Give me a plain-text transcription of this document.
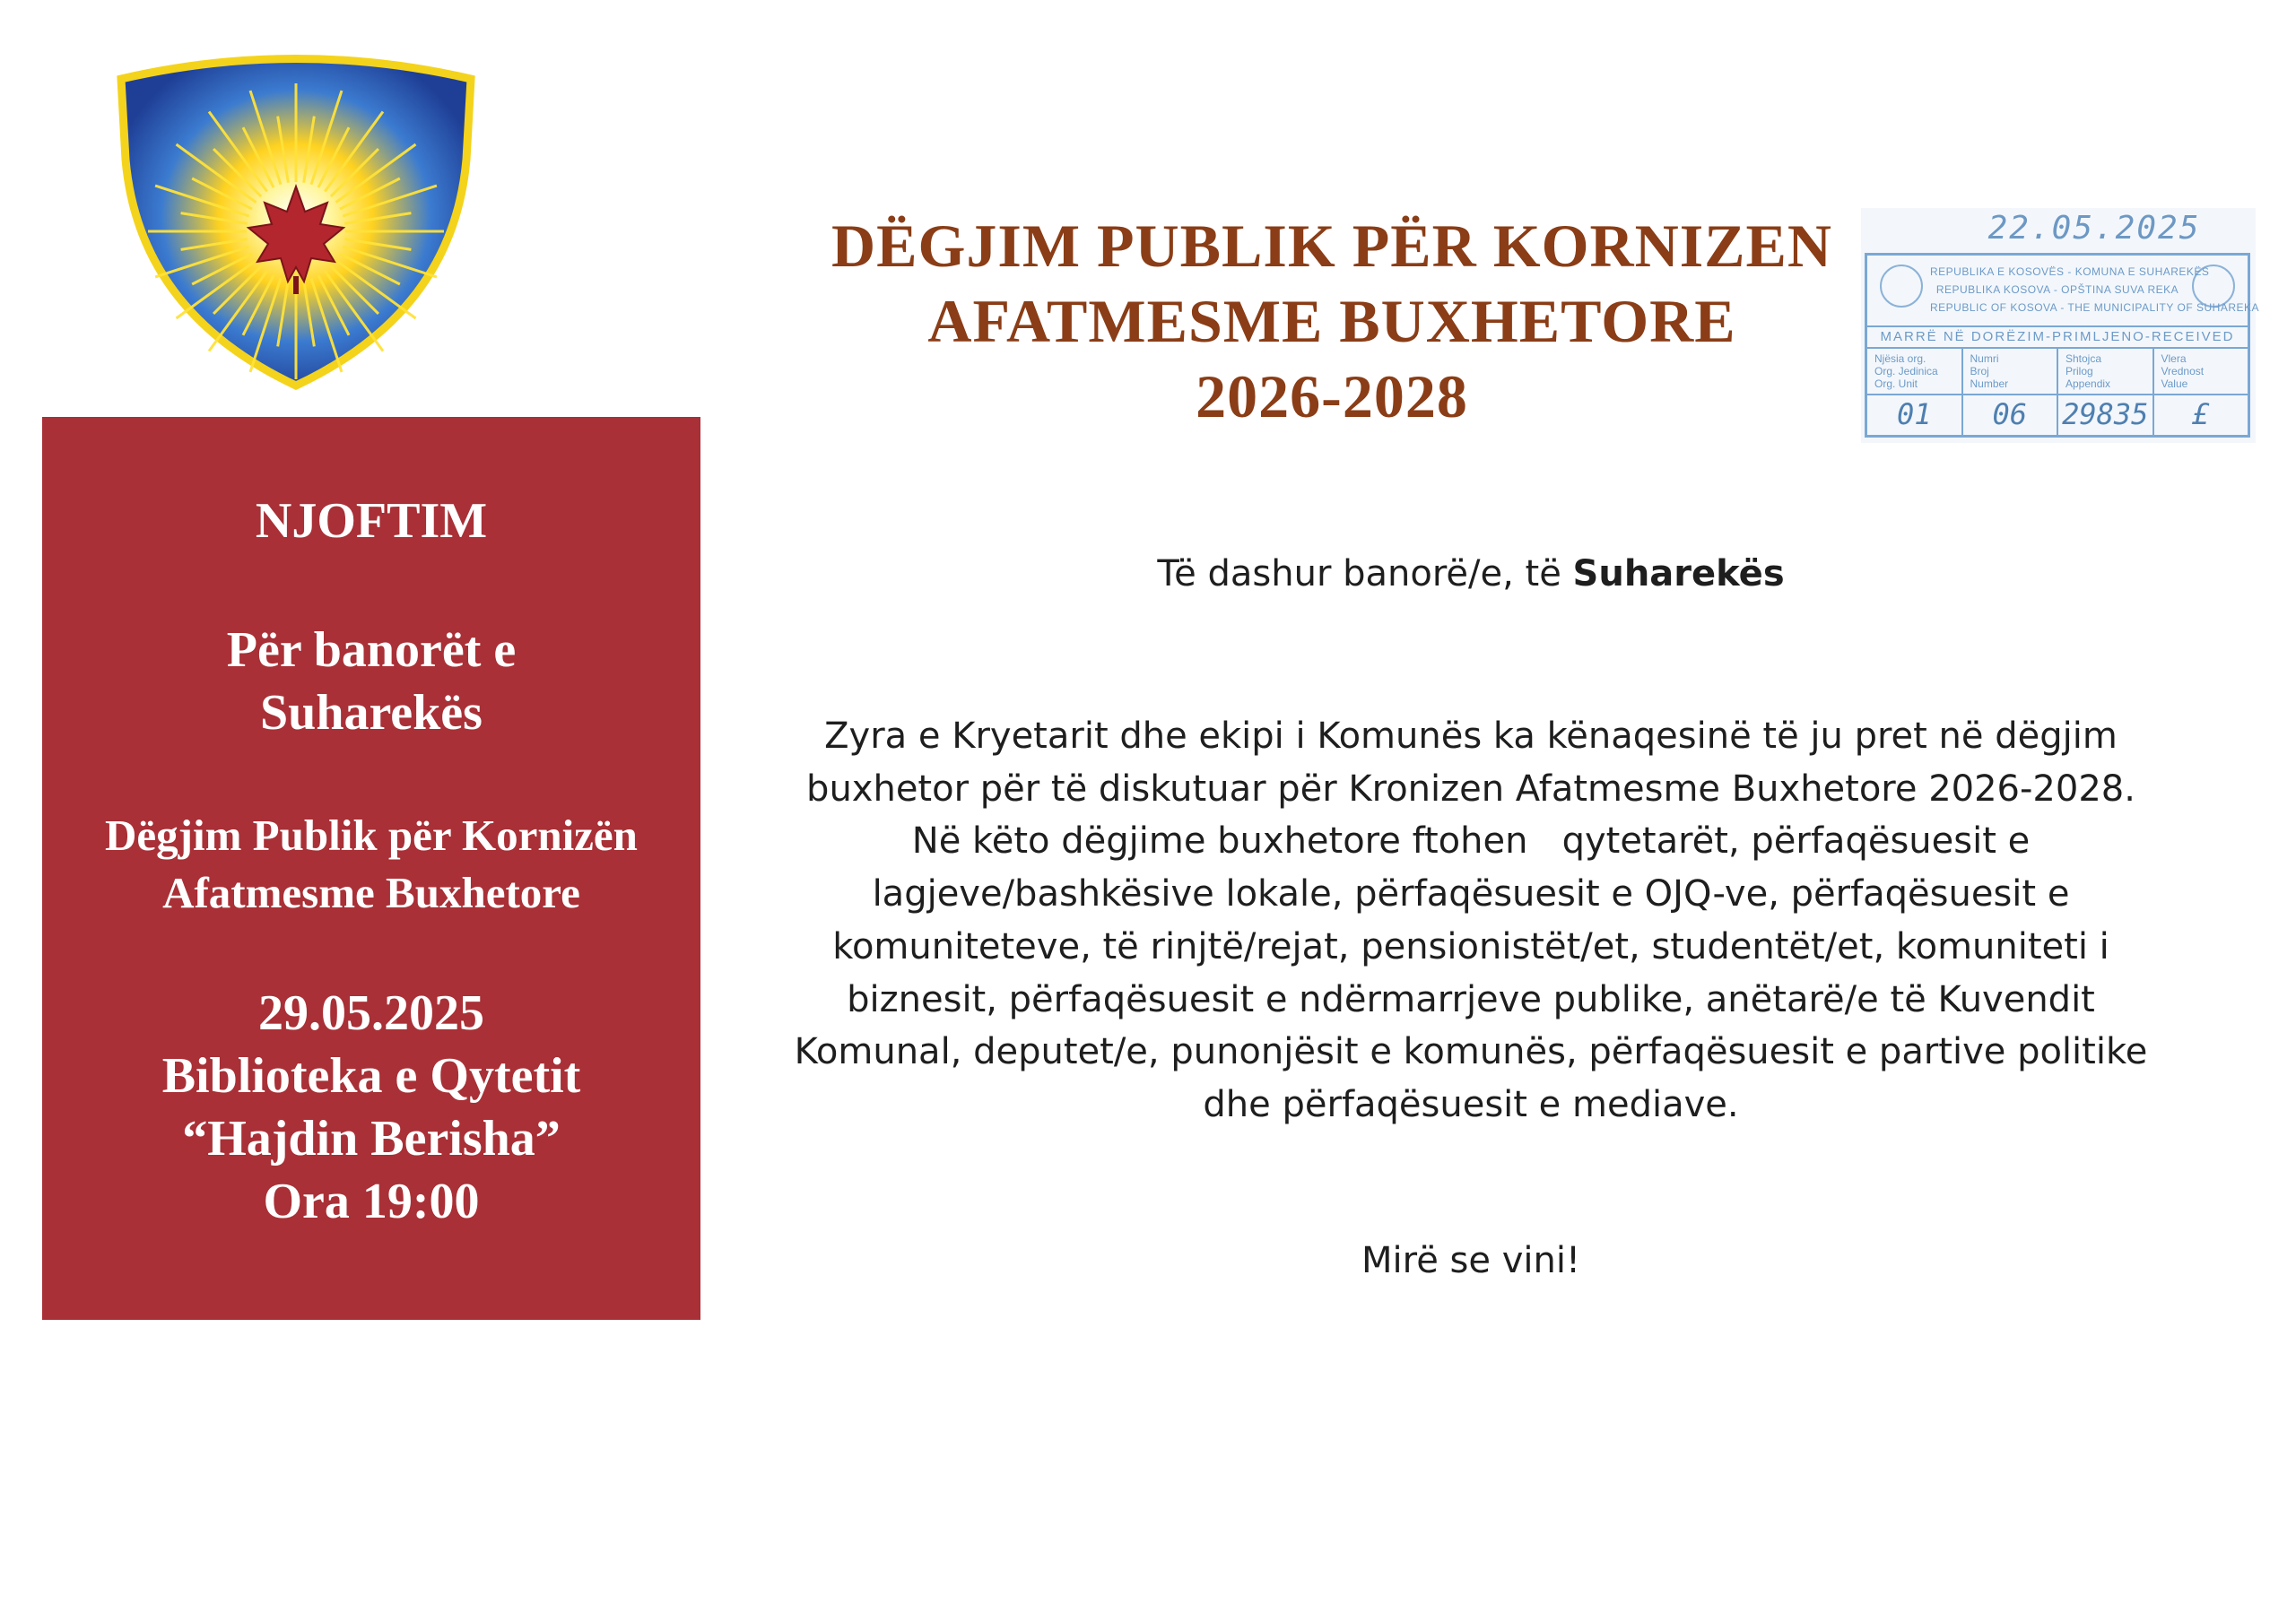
DËGJIM PUBLIK PËR KORNIZEN
AFATMESME BUXHETORE
2026-2028
22.05.2025
REPUBLIKA E KOSOVËS - KOMUNA E SUHAREKËS
REPUBLIKA KOSOVA - OPŠTINA SUVA REKA
REPUBLIC OF KOSOVA - THE MUNICIPALITY OF SUHAREKA
MARRË NË DORËZIM-PRIMLJENO-RECEIVED
Njësia org.
Org. Jedinica
Org. Unit
01
Numri
Broj
Number
06
Shtojca
Prilog
Appendix
29835
Vlera
Vrednost
Value
£
NJOFTIM
Për banorët e
Suharekës
Dëgjim Publik për Kornizën
Afatmesme Buxhetore
29.05.2025
Biblioteka e Qytetit
“Hajdin Berisha”
Ora 19:00
Të dashur banorë/e, të Suharekës
Zyra e Kryetarit dhe ekipi i Komunës ka kënaqesinë të ju pret në dëgjim
buxhetor për të diskutuar për Kronizen Afatmesme Buxhetore 2026-2028.
Në këto dëgjime buxhetore ftohen   qytetarët, përfaqësuesit e
lagjeve/bashkësive lokale, përfaqësuesit e OJQ-ve, përfaqësuesit e
komuniteteve, të rinjtë/rejat, pensionistët/et, studentët/et, komuniteti i
biznesit, përfaqësuesit e ndërmarrjeve publike, anëtarë/e të Kuvendit
Komunal, deputet/e, punonjësit e komunës, përfaqësuesit e partive politike
dhe përfaqësuesit e mediave.
Mirë se vini!
